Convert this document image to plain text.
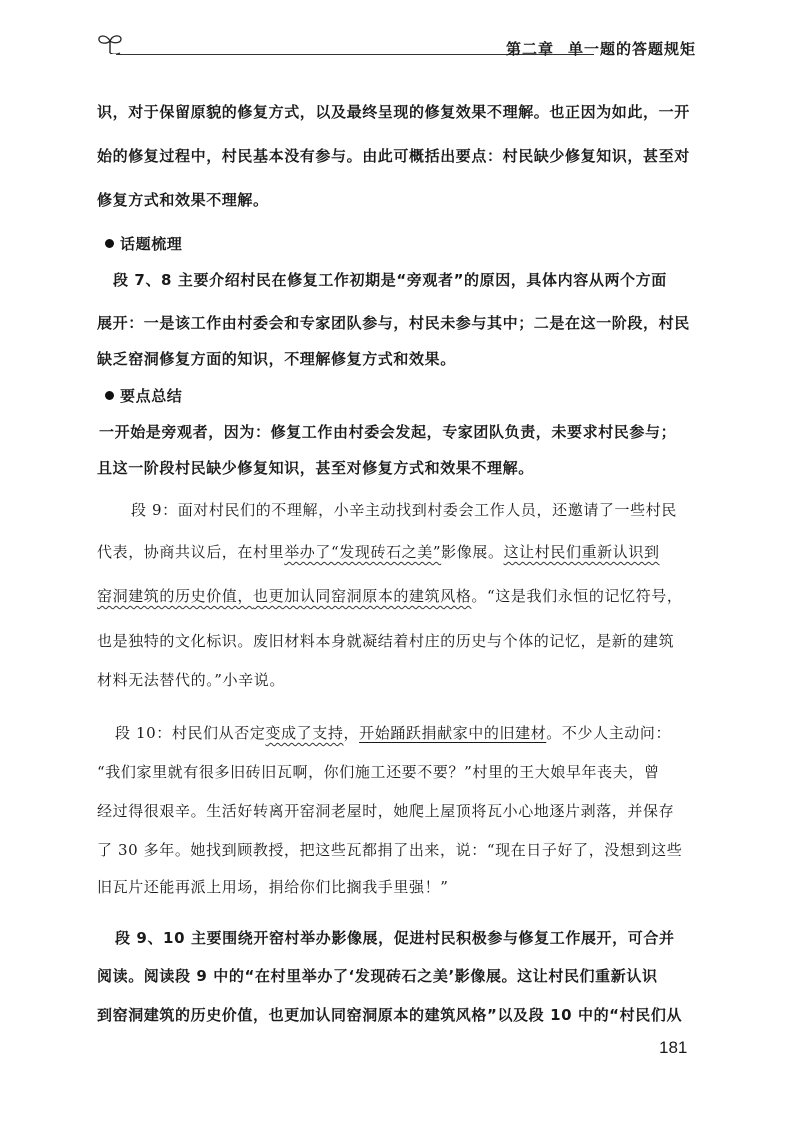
第二章 单一题的答题规矩
识，对于保留原貌的修复方式，以及最终呈现的修复效果不理解。也正因为如此，一开
始的修复过程中，村民基本没有参与。由此可概括出要点：村民缺少修复知识，甚至对
修复方式和效果不理解。
话题梳理
段 7、8 主要介绍村民在修复工作初期是“旁观者”的原因，具体内容从两个方面
展开：一是该工作由村委会和专家团队参与，村民未参与其中；二是在这一阶段，村民
缺乏窑洞修复方面的知识，不理解修复方式和效果。
要点总结
一开始是旁观者，因为：修复工作由村委会发起，专家团队负责，未要求村民参与；
且这一阶段村民缺少修复知识，甚至对修复方式和效果不理解。
段 9：面对村民们的不理解，小辛主动找到村委会工作人员，还邀请了一些村民
代表，协商共议后，在村里举办了“发现砖石之美”影像展。这让村民们重新认识到
窑洞建筑的历史价值，也更加认同窑洞原本的建筑风格。“这是我们永恒的记忆符号，
也是独特的文化标识。废旧材料本身就凝结着村庄的历史与个体的记忆，是新的建筑
材料无法替代的。”小辛说。
段 10：村民们从否定变成了支持，开始踊跃捐献家中的旧建材。不少人主动问：
“我们家里就有很多旧砖旧瓦啊，你们施工还要不要？”村里的王大娘早年丧夫，曾
经过得很艰辛。生活好转离开窑洞老屋时，她爬上屋顶将瓦小心地逐片剥落，并保存
了 30 多年。她找到顾教授，把这些瓦都捐了出来，说：“现在日子好了，没想到这些
旧瓦片还能再派上用场，捐给你们比搁我手里强！”
段 9、10 主要围绕开窑村举办影像展，促进村民积极参与修复工作展开，可合并
阅读。阅读段 9 中的“在村里举办了‘发现砖石之美’影像展。这让村民们重新认识
到窑洞建筑的历史价值，也更加认同窑洞原本的建筑风格”以及段 10 中的“村民们从
181
